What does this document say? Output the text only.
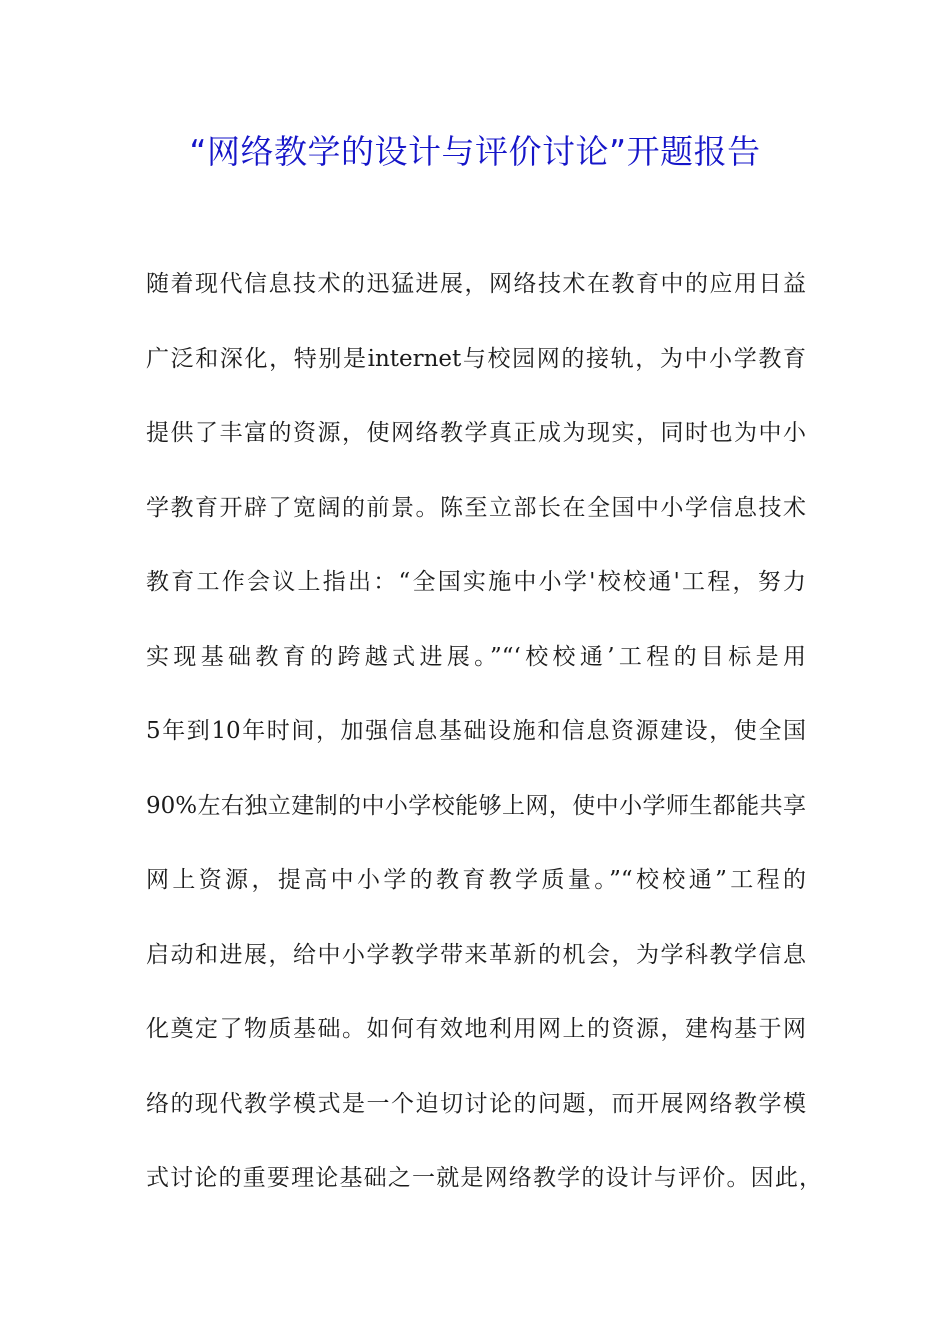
“网络教学的设计与评价讨论”开题报告
随着现代信息技术的迅猛进展，网络技术在教育中的应用日益
广泛和深化，特别是internet与校园网的接轨，为中小学教育
提供了丰富的资源，使网络教学真正成为现实，同时也为中小
学教育开辟了宽阔的前景。陈至立部长在全国中小学信息技术
教育工作会议上指出：“全国实施中小学'校校通'工程，努力
实现基础教育的跨越式进展。”“‘校校通’工程的目标是用
5年到10年时间，加强信息基础设施和信息资源建设，使全国
90%左右独立建制的中小学校能够上网，使中小学师生都能共享
网上资源，提高中小学的教育教学质量。”“校校通”工程的
启动和进展，给中小学教学带来革新的机会，为学科教学信息
化奠定了物质基础。如何有效地利用网上的资源，建构基于网
络的现代教学模式是一个迫切讨论的问题，而开展网络教学模
式讨论的重要理论基础之一就是网络教学的设计与评价。因此，
